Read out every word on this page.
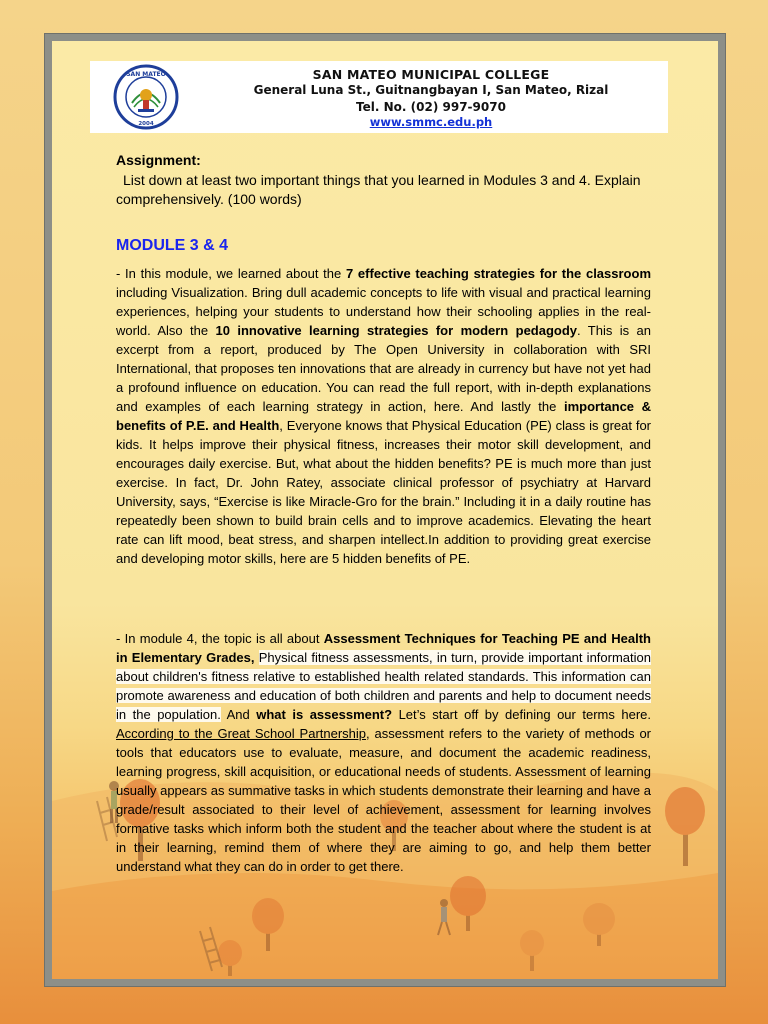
SAN MATEO
2004
SAN MATEO MUNICIPAL COLLEGE
General Luna St., Guitnangbayan I, San Mateo, Rizal
Tel. No. (02) 997-9070
www.smmc.edu.ph
Assignment:
List down at least two important things that you learned in Modules 3 and 4. Explain comprehensively. (100 words)
MODULE 3 & 4
- In this module, we learned about the 7 effective teaching strategies for the classroom including Visualization. Bring dull academic concepts to life with visual and practical learning experiences, helping your students to understand how their schooling applies in the real-world. Also the 10 innovative learning strategies for modern pedagody. This is an excerpt from a report, produced by The Open University in collaboration with SRI International, that proposes ten innovations that are already in currency but have not yet had a profound influence on education. You can read the full report, with in-depth explanations and examples of each learning strategy in action, here. And lastly the importance & benefits of P.E. and Health, Everyone knows that Physical Education (PE) class is great for kids. It helps improve their physical fitness, increases their motor skill development, and encourages daily exercise. But, what about the hidden benefits? PE is much more than just exercise. In fact, Dr. John Ratey, associate clinical professor of psychiatry at Harvard University, says, “Exercise is like Miracle-Gro for the brain.” Including it in a daily routine has repeatedly been shown to build brain cells and to improve academics. Elevating the heart rate can lift mood, beat stress, and sharpen intellect.In addition to providing great exercise and developing motor skills, here are 5 hidden benefits of PE.
- In module 4, the topic is all about Assessment Techniques for Teaching PE and Health in Elementary Grades, Physical fitness assessments, in turn, provide important information about children's fitness relative to established health related standards. This information can promote awareness and education of both children and parents and help to document needs in the population. And what is assessment? Let’s start off by defining our terms here. According to the Great School Partnership, assessment refers to the variety of methods or tools that educators use to evaluate, measure, and document the academic readiness, learning progress, skill acquisition, or educational needs of students. Assessment of learning usually appears as summative tasks in which students demonstrate their learning and have a grade/result associated to their level of achievement, assessment for learning involves formative tasks which inform both the student and the teacher about where the student is at in their learning, remind them of where they are aiming to go, and help them better understand what they can do in order to get there.
